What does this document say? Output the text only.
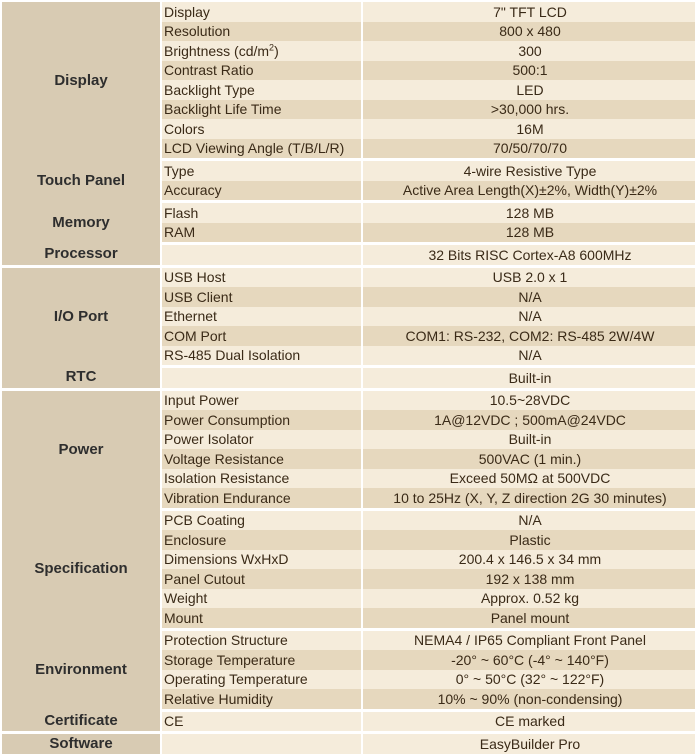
Display	Display	7" TFT LCD
	Resolution	800 x 480
	Brightness $(cd/m^2)$	300
	Contrast Ratio	500:1
	Backlight Type	LED
	Backlight Life Time	>30,000 hrs.
	Colors	16M
	LCD Viewing Angle (T/B/L/R)	70/50/70/70
Touch Panel	Type	4-wire Resistive Type
	Accuracy	Active Area Length(X)±2%, Width(Y)±2%
Memory	Flash	128 MB
	RAM	128 MB
Processor		32 Bits RISC Cortex-A8 600MHz
I/O Port	USB Host	USB 2.0 x 1
	USB Client	N/A
	Ethernet	N/A
	COM Port	COM1: RS-232, COM2: RS-485 2W/4W
	RS-485 Dual Isolation	N/A
RTC		Built-in
Power	Input Power	10.5~28VDC
	Power Consumption	1A@12VDC ; 500mA@24VDC
	Power Isolator	Built-in
	Voltage Resistance	500VAC (1 min.)
	Isolation Resistance	Exceed 50MΩ at 500VDC
	Vibration Endurance	10 to 25Hz (X, Y, Z direction 2G 30 minutes)
Specification	PCB Coating	N/A
	Enclosure	Plastic
	Dimensions WxHxD	200.4 x 146.5 x 34 mm
	Panel Cutout	192 x 138 mm
	Weight	Approx. 0.52 kg
	Mount	Panel mount
Environment	Protection Structure	NEMA4 / IP65 Compliant Front Panel
	Storage Temperature	-20° ~ 60°C (-4° ~ 140°F)
	Operating Temperature	0° ~ 50°C (32° ~ 122°F)
	Relative Humidity	10% ~ 90% (non-condensing)
Certificate	CE	CE marked
Software		EasyBuilder Pro
